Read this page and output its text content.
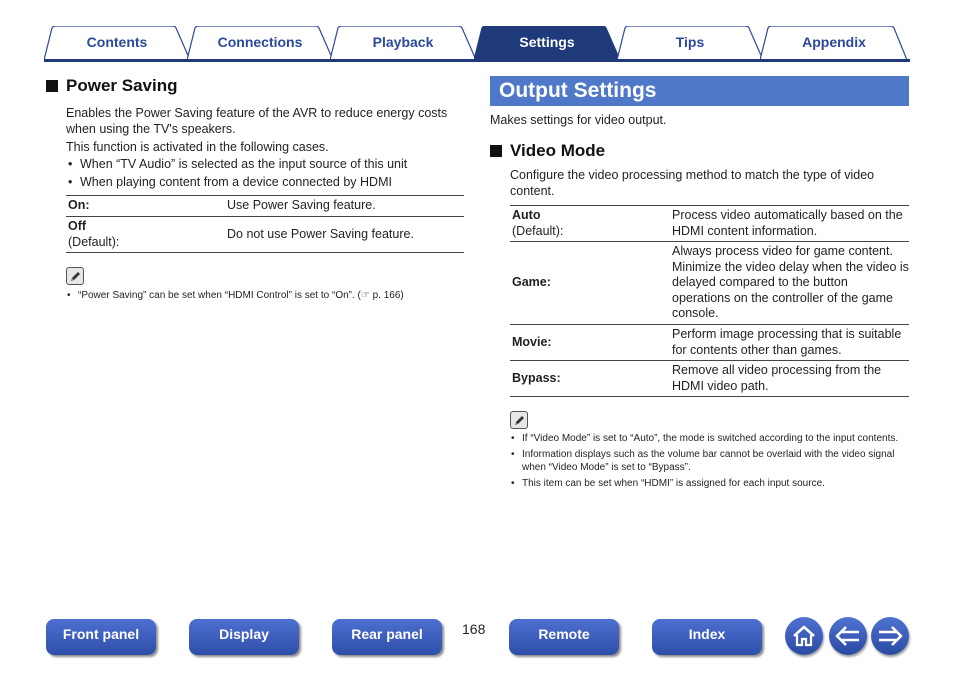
Contents	Connections	Playback	Settings	Tips	Appendix
Power Saving

Enables the Power Saving feature of the AVR to reduce energy costs when using the TV's speakers.

This function is activated in the following cases.

• When “TV Audio” is selected as the input source of this unit
• When playing content from a device connected by HDMI
On:	Use Power Saving feature.

Off
(Default):	Do not use Power Saving feature.
• “Power Saving” can be set when “HDMI Control” is set to “On”. (☞ p. 166)
Output Settings

Makes settings for video output.

Video Mode

Configure the video processing method to match the type of video content.

Auto
(Default):	Process video automatically based on the HDMI content information.
Game:	Always process video for game content. Minimize the video delay when the video is delayed compared to the button operations on the controller of the game console.
Movie:	Perform image processing that is suitable for contents other than games.
Bypass:	Remove all video processing from the HDMI video path.
• If “Video Mode” is set to “Auto”, the mode is switched according to the input contents.
• Information displays such as the volume bar cannot be overlaid with the video signal when “Video Mode” is set to “Bypass”.
• This item can be set when “HDMI” is assigned for each input source.
Front panel	Display	Rear panel	168	Remote	Index
